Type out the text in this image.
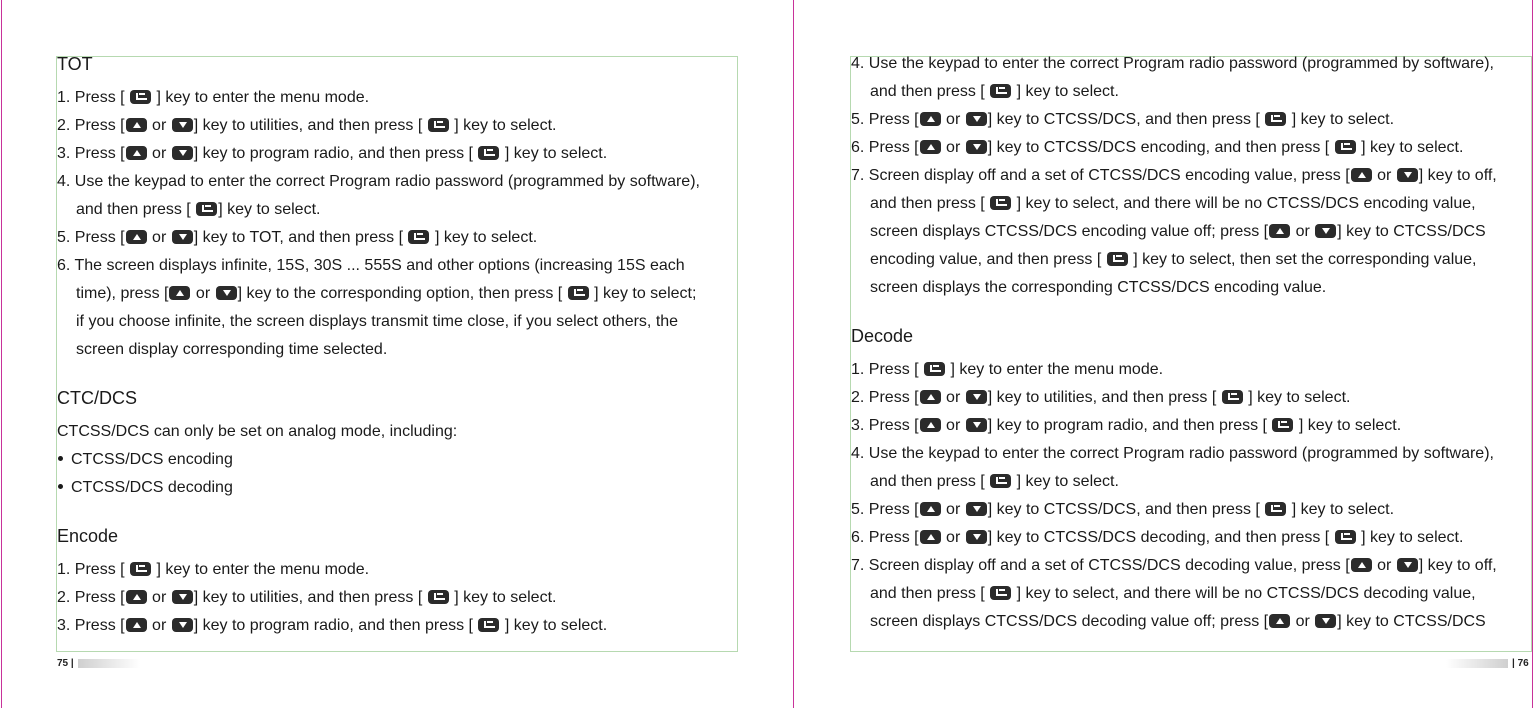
TOT
1. Press [ ] key to enter the menu mode.
2. Press [ or ] key to utilities, and then press [ ] key to select.
3. Press [ or ] key to program radio, and then press [ ] key to select.
4. Use the keypad to enter the correct Program radio password (programmed by software),
and then press [ ] key to select.
5. Press [ or ] key to TOT, and then press [ ] key to select.
6. The screen displays infinite, 15S, 30S ... 555S and other options (increasing 15S each
time), press [ or ] key to the corresponding option, then press [ ] key to select;
if you choose infinite, the screen displays transmit time close, if you select others, the
screen display corresponding time selected.
CTC/DCS
CTCSS/DCS can only be set on analog mode, including:
CTCSS/DCS encoding
CTCSS/DCS decoding
Encode
1. Press [ ] key to enter the menu mode.
2. Press [ or ] key to utilities, and then press [ ] key to select.
3. Press [ or ] key to program radio, and then press [ ] key to select.
75 |
4. Use the keypad to enter the correct Program radio password (programmed by software),
and then press [ ] key to select.
5. Press [ or ] key to CTCSS/DCS, and then press [ ] key to select.
6. Press [ or ] key to CTCSS/DCS encoding, and then press [ ] key to select.
7. Screen display off and a set of CTCSS/DCS encoding value, press [ or ] key to off,
and then press [ ] key to select, and there will be no CTCSS/DCS encoding value,
screen displays CTCSS/DCS encoding value off; press [ or ] key to CTCSS/DCS
encoding value, and then press [ ] key to select, then set the corresponding value,
screen displays the corresponding CTCSS/DCS encoding value.
Decode
1. Press [ ] key to enter the menu mode.
2. Press [ or ] key to utilities, and then press [ ] key to select.
3. Press [ or ] key to program radio, and then press [ ] key to select.
4. Use the keypad to enter the correct Program radio password (programmed by software),
and then press [ ] key to select.
5. Press [ or ] key to CTCSS/DCS, and then press [ ] key to select.
6. Press [ or ] key to CTCSS/DCS decoding, and then press [ ] key to select.
7. Screen display off and a set of CTCSS/DCS decoding value, press [ or ] key to off,
and then press [ ] key to select, and there will be no CTCSS/DCS decoding value,
screen displays CTCSS/DCS decoding value off; press [ or ] key to CTCSS/DCS
| 76
